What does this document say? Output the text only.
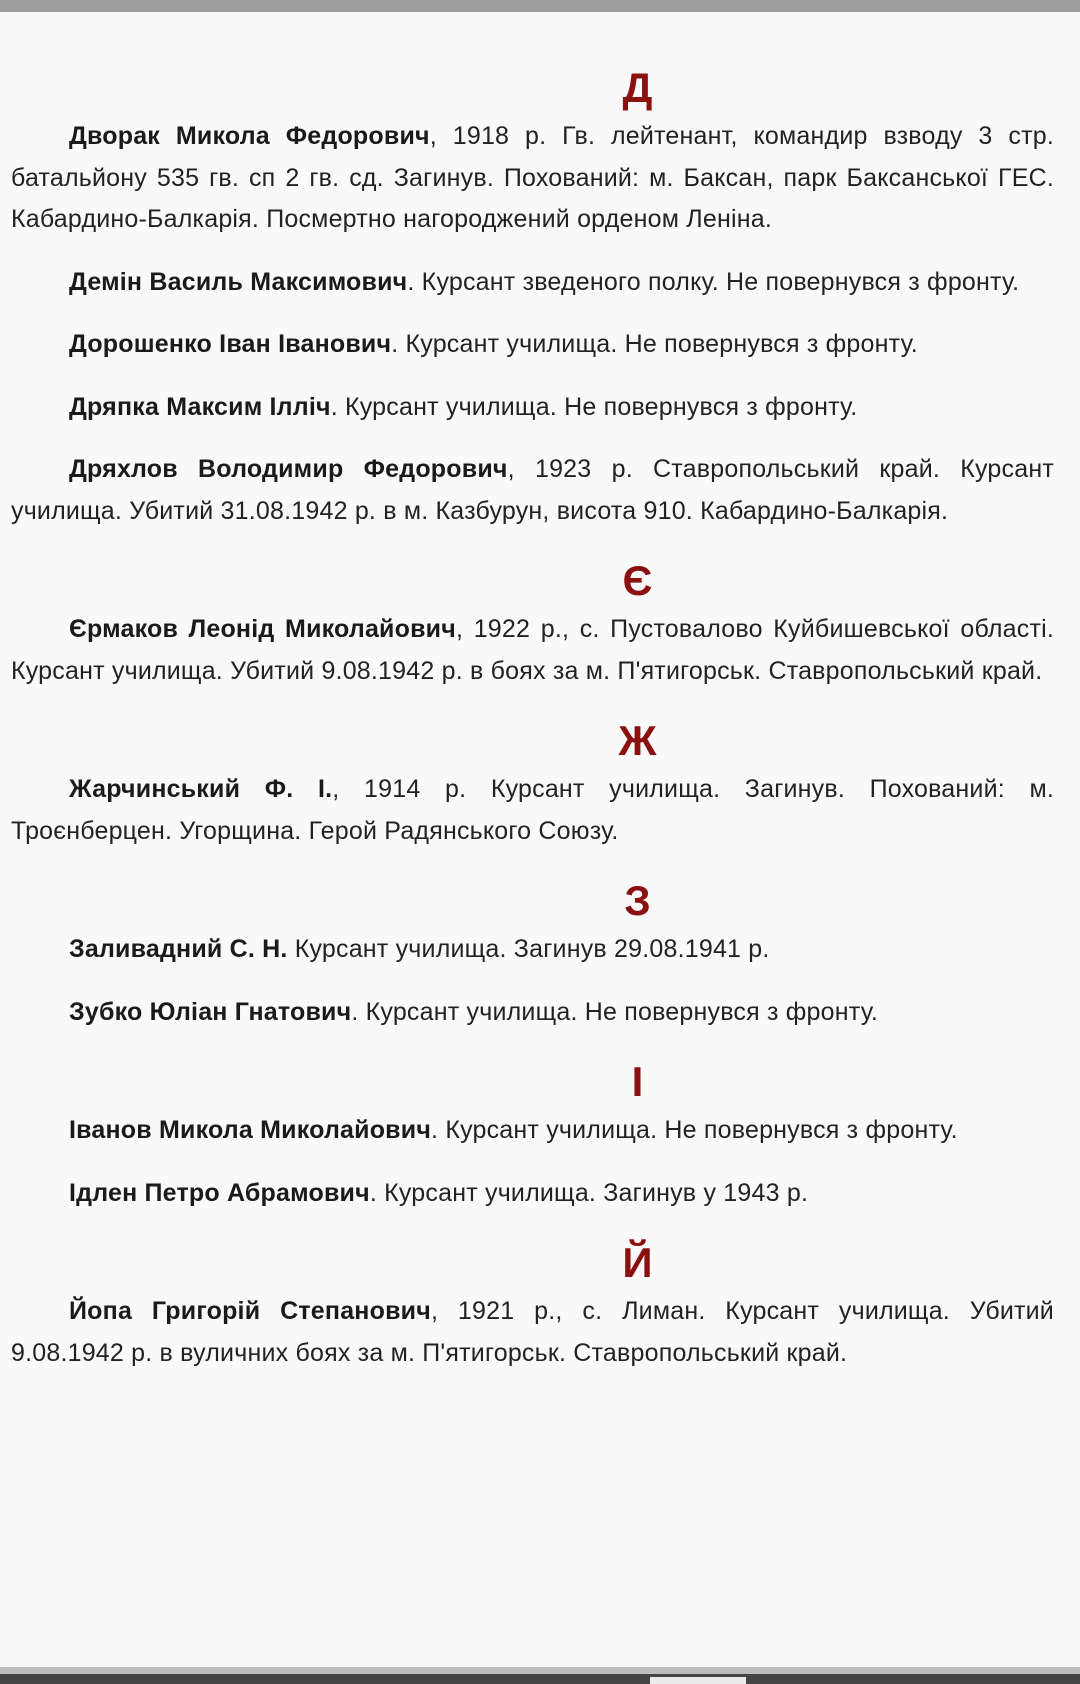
Д

Дворак Микола Федорович, 1918 р. Гв. лейтенант, командир взводу 3 стр. батальйону 535 гв. сп 2 гв. сд. Загинув. Похований: м. Баксан, парк Баксанської ГЕС. Кабардино-Балкарія. Посмертно нагороджений орденом Леніна.

Демін Василь Максимович. Курсант зведеного полку. Не повернувся з фронту.

Дорошенко Іван Іванович. Курсант училища. Не повернувся з фронту.

Дряпка Максим Ілліч. Курсант училища. Не повернувся з фронту.

Дряхлов Володимир Федорович, 1923 р. Ставропольський край. Курсант училища. Убитий 31.08.1942 р. в м. Казбурун, висота 910. Кабардино-Балкарія.

Є

Єрмаков Леонід Миколайович, 1922 р., с. Пустовалово Куйбишевської області. Курсант училища. Убитий 9.08.1942 р. в боях за м. П'ятигорськ. Ставропольський край.

Ж

Жарчинський Ф. І., 1914 р. Курсант училища. Загинув. Похований: м. Троєнберцен. Угорщина. Герой Радянського Союзу.

З

Заливадний С. Н. Курсант училища. Загинув 29.08.1941 р.

Зубко Юліан Гнатович. Курсант училища. Не повернувся з фронту.

І

Іванов Микола Миколайович. Курсант училища. Не повернувся з фронту.

Ідлен Петро Абрамович. Курсант училища. Загинув у 1943 р.

Й

Йопа Григорій Степанович, 1921 р., с. Лиман. Курсант училища. Убитий 9.08.1942 р. в вуличних боях за м. П'ятигорськ. Ставропольський край.
